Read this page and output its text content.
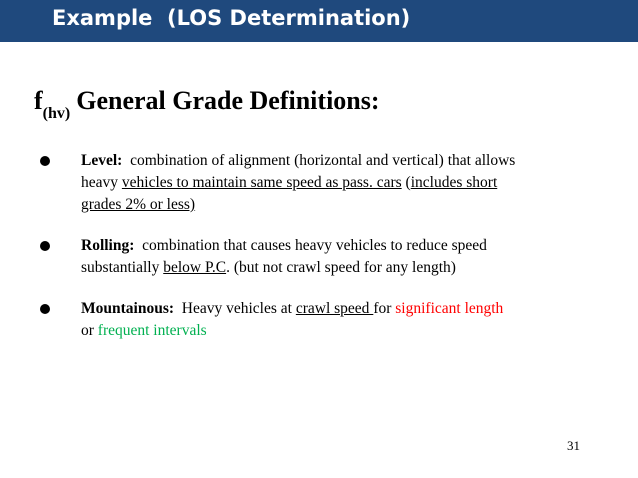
Example  (LOS Determination)
$f_{(hv)}$ General Grade Definitions:
Level: combination of alignment (horizontal and vertical) that allows
heavy vehicles to maintain same speed as pass. cars (includes short
grades 2% or less)
Rolling: combination that causes heavy vehicles to reduce speed
substantially below P.C. (but not crawl speed for any length)
Mountainous: Heavy vehicles at crawl speed for significant length
or frequent intervals
31
